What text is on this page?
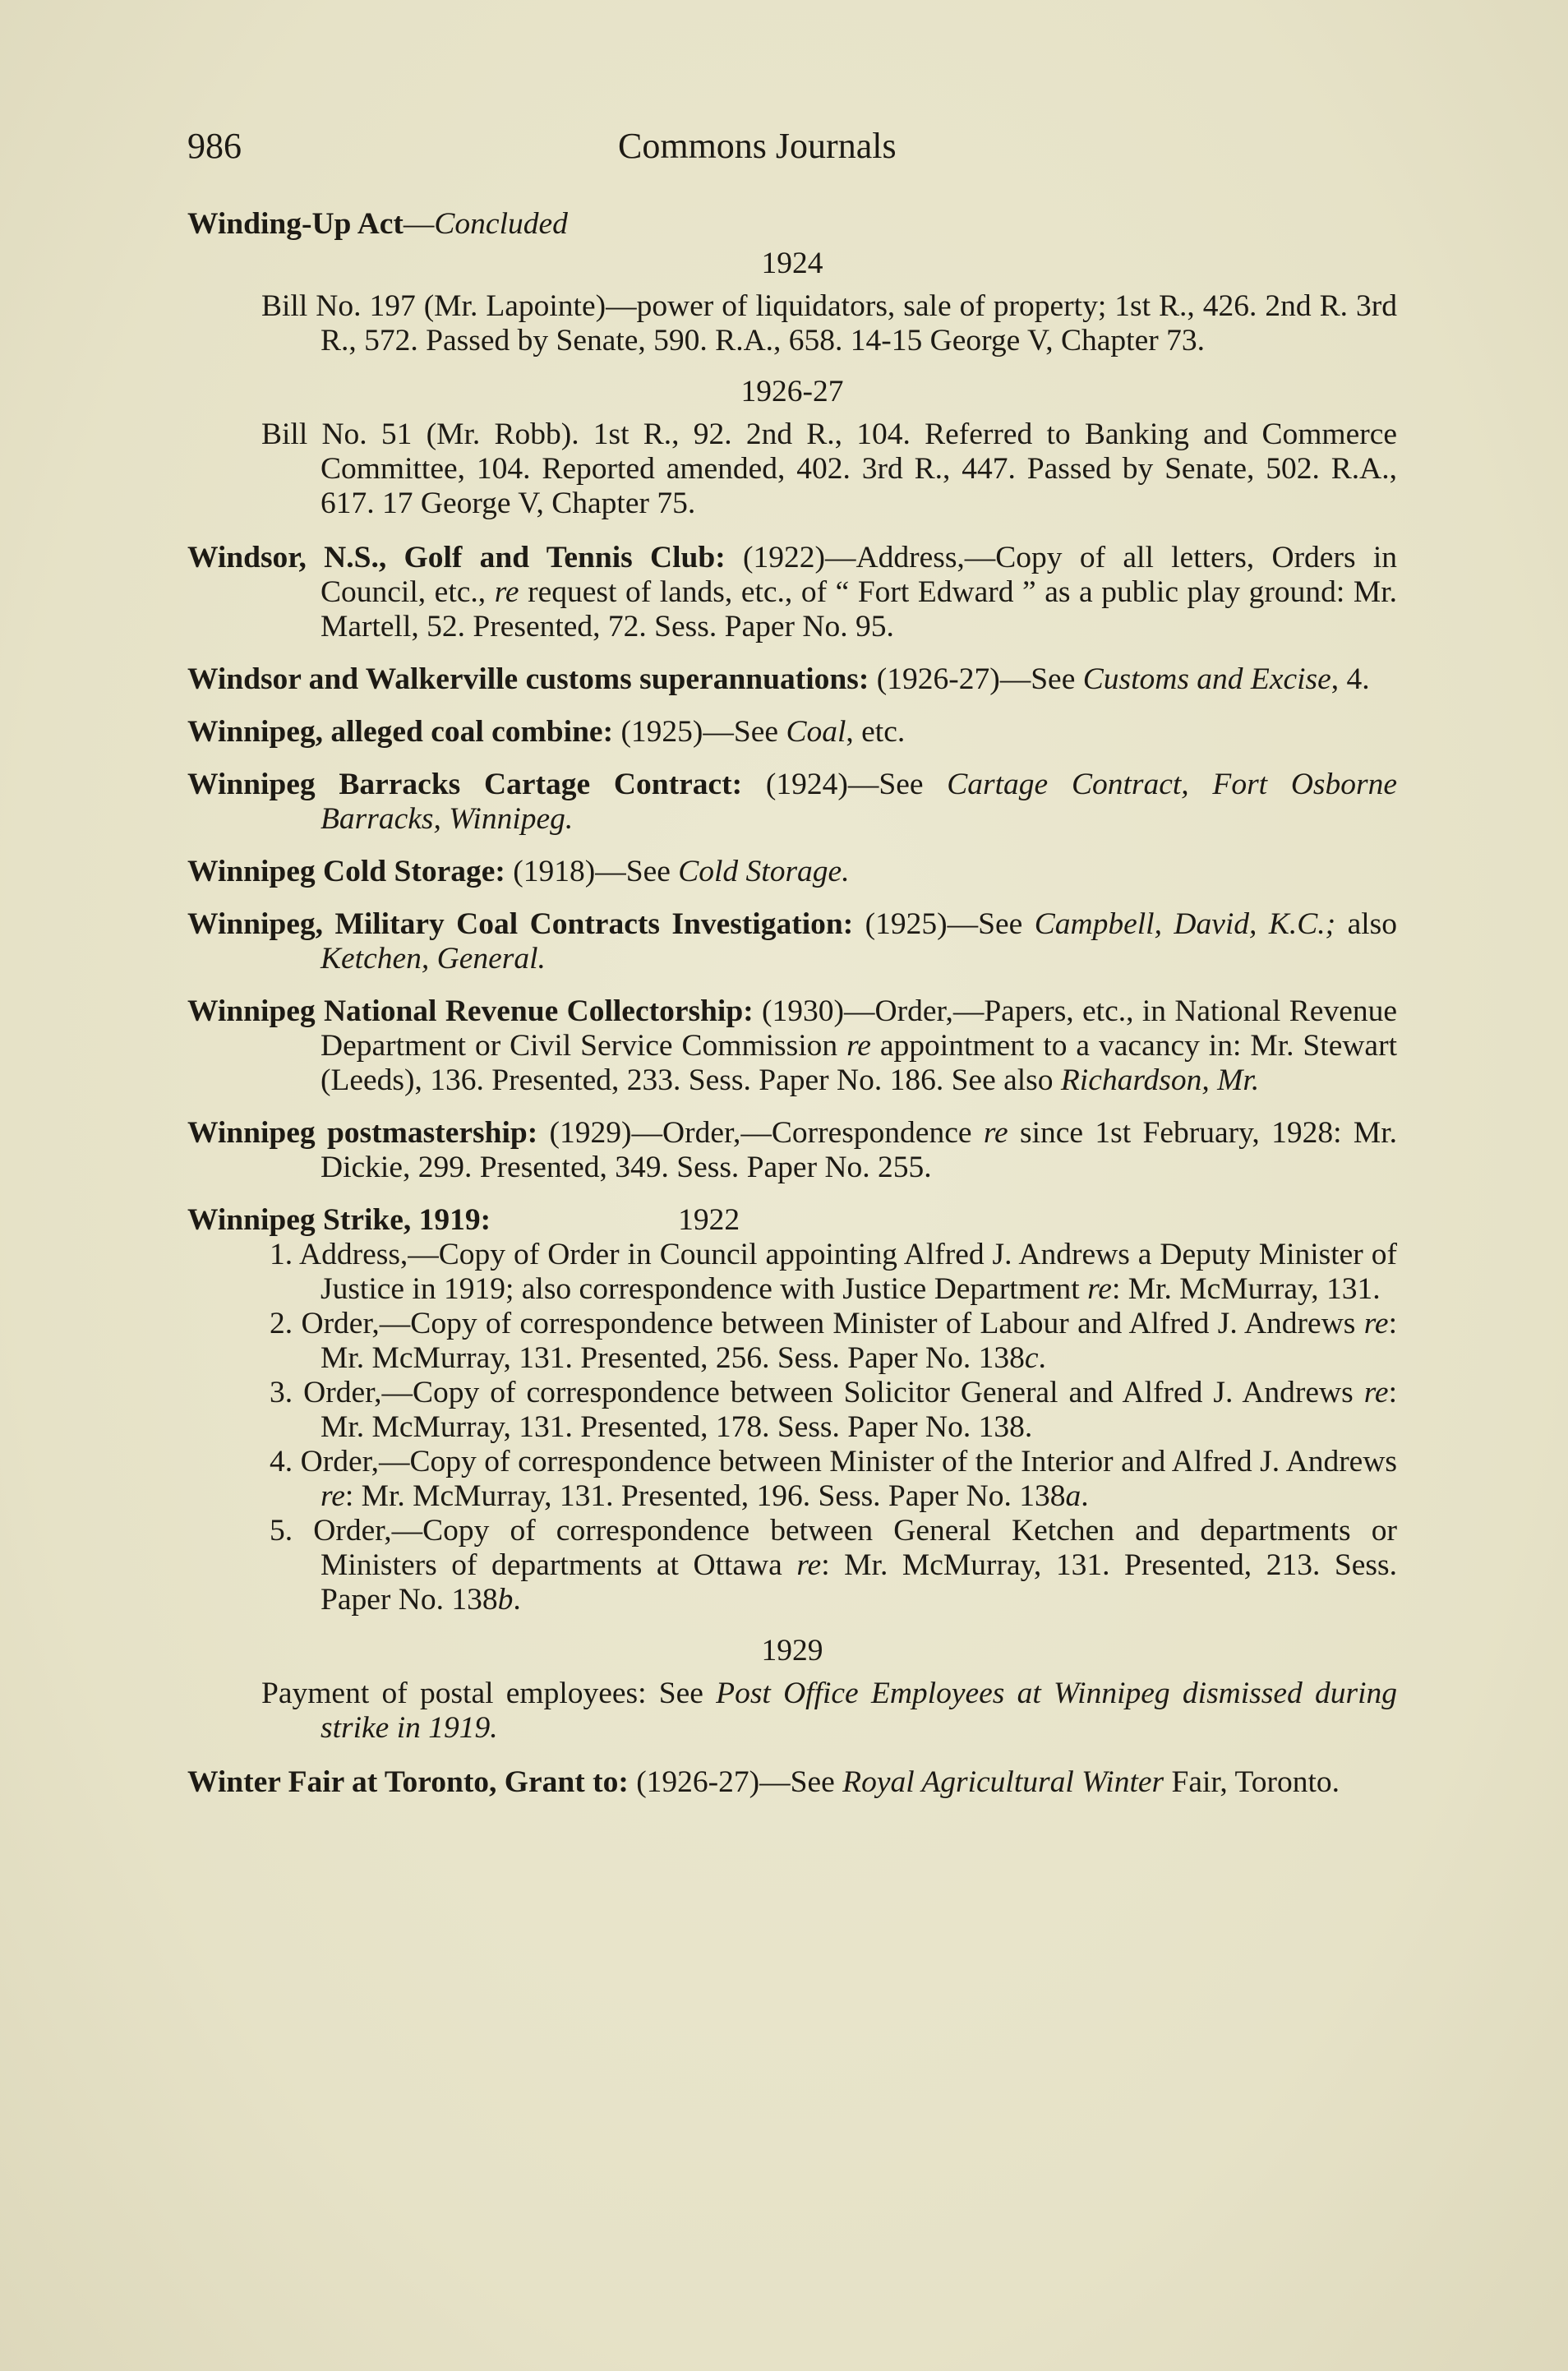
986	Commons Journals

Winding-Up Act—Concluded

1924

Bill No. 197 (Mr. Lapointe)—power of liquidators, sale of property; 1st R., 426. 2nd R. 3rd R., 572. Passed by Senate, 590. R.A., 658. 14-15 George V, Chapter 73.

1926-27

Bill No. 51 (Mr. Robb). 1st R., 92. 2nd R., 104. Referred to Banking and Commerce Committee, 104. Reported amended, 402. 3rd R., 447. Passed by Senate, 502. R.A., 617. 17 George V, Chapter 75.

Windsor, N.S., Golf and Tennis Club: (1922)—Address,—Copy of all letters, Orders in Council, etc., re request of lands, etc., of “ Fort Edward ” as a public play ground: Mr. Martell, 52. Presented, 72. Sess. Paper No. 95.

Windsor and Walkerville customs superannuations: (1926-27)—See Customs and Excise, 4.

Winnipeg, alleged coal combine: (1925)—See Coal, etc.

Winnipeg Barracks Cartage Contract: (1924)—See Cartage Contract, Fort Osborne Barracks, Winnipeg.

Winnipeg Cold Storage: (1918)—See Cold Storage.

Winnipeg, Military Coal Contracts Investigation: (1925)—See Campbell, David, K.C.; also Ketchen, General.

Winnipeg National Revenue Collectorship: (1930)—Order,—Papers, etc., in National Revenue Department or Civil Service Commission re appointment to a vacancy in: Mr. Stewart (Leeds), 136. Presented, 233. Sess. Paper No. 186. See also Richardson, Mr.

Winnipeg postmastership: (1929)—Order,—Correspondence re since 1st February, 1928: Mr. Dickie, 299. Presented, 349. Sess. Paper No. 255.

Winnipeg Strike, 1919:	1922

1. Address,—Copy of Order in Council appointing Alfred J. Andrews a Deputy Minister of Justice in 1919; also correspondence with Justice Department re: Mr. McMurray, 131.

2. Order,—Copy of correspondence between Minister of Labour and Alfred J. Andrews re: Mr. McMurray, 131. Presented, 256. Sess. Paper No. 138c.

3. Order,—Copy of correspondence between Solicitor General and Alfred J. Andrews re: Mr. McMurray, 131. Presented, 178. Sess. Paper No. 138.

4. Order,—Copy of correspondence between Minister of the Interior and Alfred J. Andrews re: Mr. McMurray, 131. Presented, 196. Sess. Paper No. 138a.

5. Order,—Copy of correspondence between General Ketchen and departments or Ministers of departments at Ottawa re: Mr. McMurray, 131. Presented, 213. Sess. Paper No. 138b.

1929

Payment of postal employees: See Post Office Employees at Winnipeg dismissed during strike in 1919.

Winter Fair at Toronto, Grant to: (1926-27)—See Royal Agricultural Winter Fair, Toronto.
